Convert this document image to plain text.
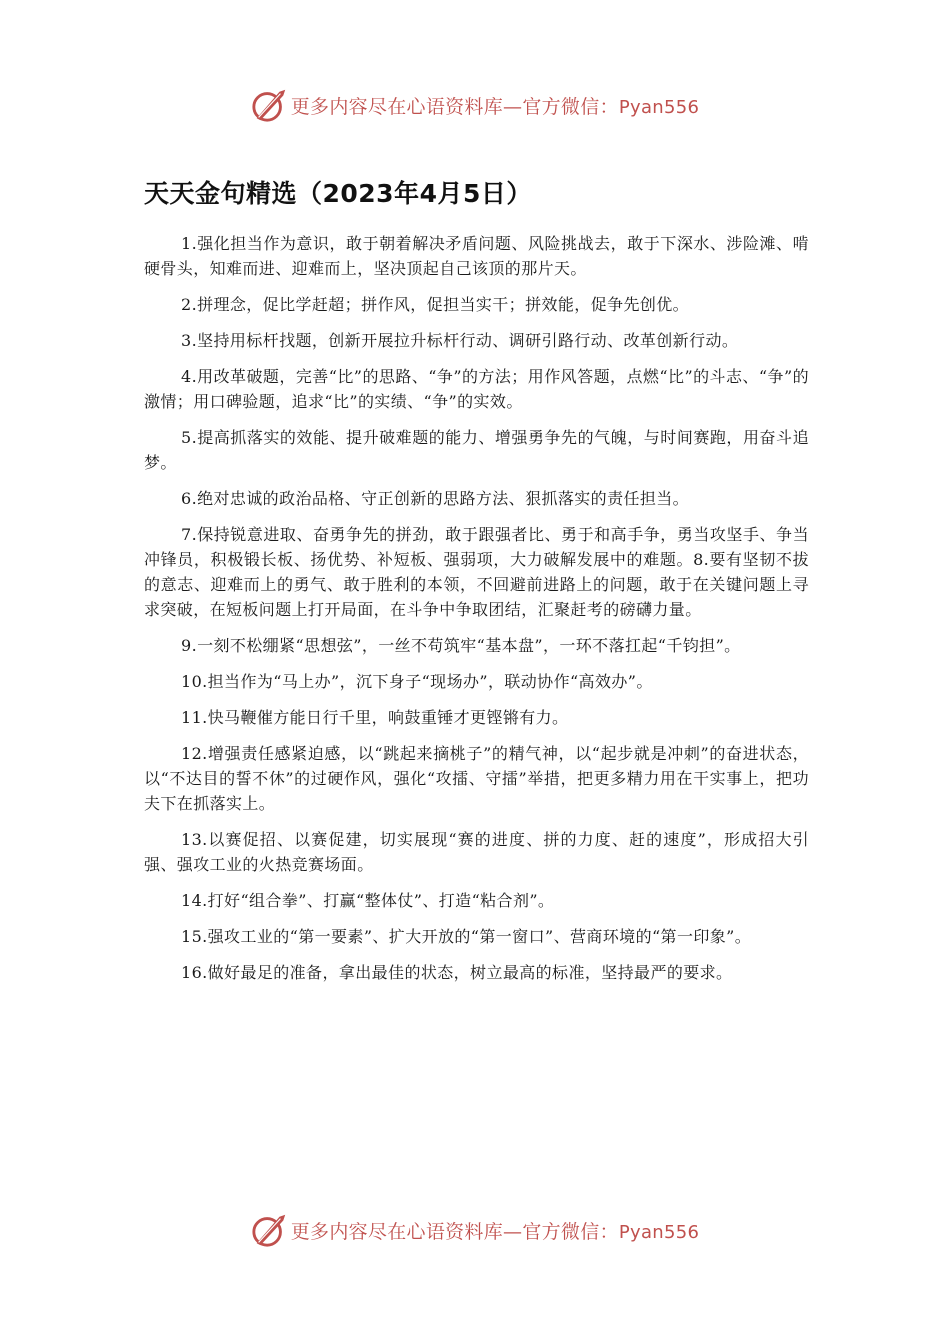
更多内容尽在心语资料库—官方微信：Pyan556
天天金句精选（2023年4月5日）

1.强化担当作为意识，敢于朝着解决矛盾问题、风险挑战去，敢于下深水、涉险滩、啃硬骨头，知难而进、迎难而上，坚决顶起自己该顶的那片天。

2.拼理念，促比学赶超；拼作风，促担当实干；拼效能，促争先创优。

3.坚持用标杆找题，创新开展拉升标杆行动、调研引路行动、改革创新行动。

4.用改革破题，完善“比”的思路、“争”的方法；用作风答题，点燃“比”的斗志、“争”的激情；用口碑验题，追求“比”的实绩、“争”的实效。

5.提高抓落实的效能、提升破难题的能力、增强勇争先的气魄，与时间赛跑，用奋斗追梦。

6.绝对忠诚的政治品格、守正创新的思路方法、狠抓落实的责任担当。

7.保持锐意进取、奋勇争先的拼劲，敢于跟强者比、勇于和高手争，勇当攻坚手、争当冲锋员，积极锻长板、扬优势、补短板、强弱项，大力破解发展中的难题。8.要有坚韧不拔的意志、迎难而上的勇气、敢于胜利的本领，不回避前进路上的问题，敢于在关键问题上寻求突破，在短板问题上打开局面，在斗争中争取团结，汇聚赶考的磅礴力量。

9.一刻不松绷紧“思想弦”，一丝不苟筑牢“基本盘”，一环不落扛起“千钧担”。

10.担当作为“马上办”，沉下身子“现场办”，联动协作“高效办”。

11.快马鞭催方能日行千里，响鼓重锤才更铿锵有力。

12.增强责任感紧迫感，以“跳起来摘桃子”的精气神，以“起步就是冲刺”的奋进状态，以“不达目的誓不休”的过硬作风，强化“攻擂、守擂”举措，把更多精力用在干实事上，把功夫下在抓落实上。

13.以赛促招、以赛促建，切实展现“赛的进度、拼的力度、赶的速度”，形成招大引强、强攻工业的火热竞赛场面。

14.打好“组合拳”、打赢“整体仗”、打造“粘合剂”。

15.强攻工业的“第一要素”、扩大开放的“第一窗口”、营商环境的“第一印象”。

16.做好最足的准备，拿出最佳的状态，树立最高的标准，坚持最严的要求。

更多内容尽在心语资料库—官方微信：Pyan556
